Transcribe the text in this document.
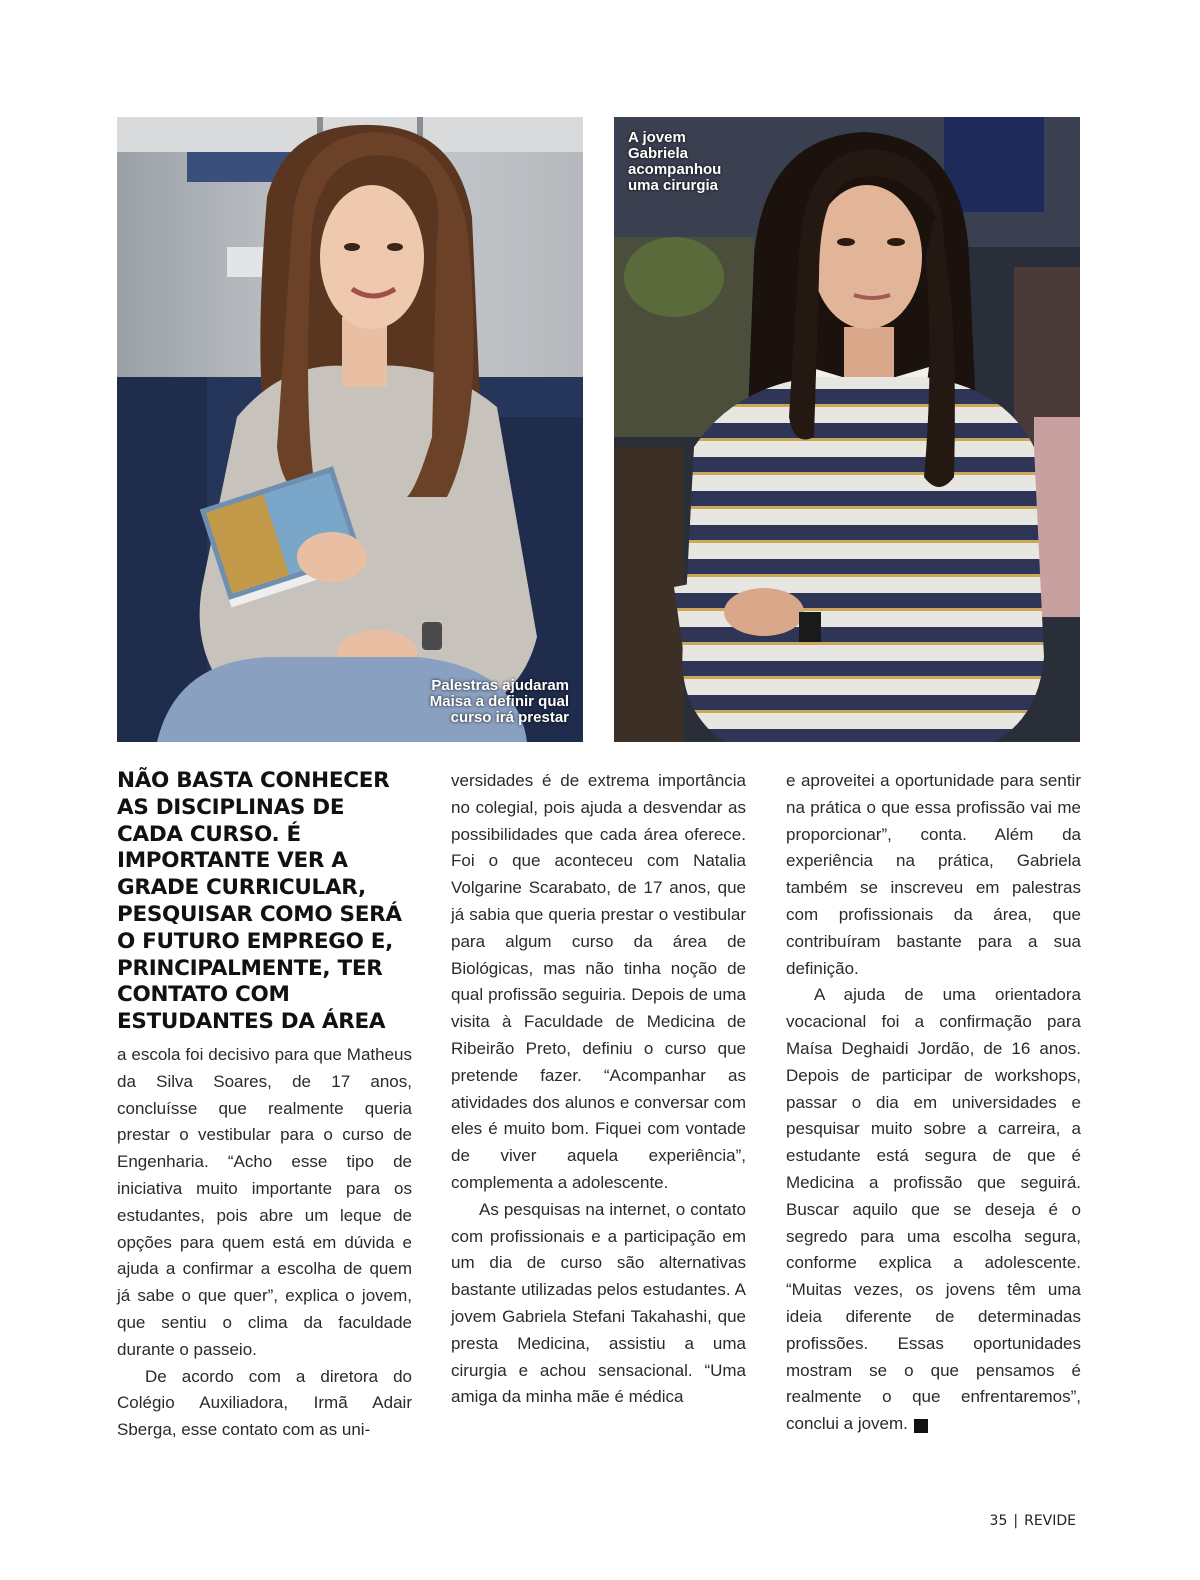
Palestras ajudaram Maisa a definir qual curso irá prestar
A jovem Gabriela acompanhou uma cirurgia
NÃO BASTA CONHECER AS DISCIPLINAS DE CADA CURSO. É IMPORTANTE VER A GRADE CURRICULAR, PESQUISAR COMO SERÁ O FUTURO EMPREGO E, PRINCIPALMENTE, TER CONTATO COM ESTUDANTES DA ÁREA

a escola foi decisivo para que Matheus da Silva Soares, de 17 anos, concluísse que realmente queria prestar o vestibular para o curso de Engenharia. “Acho esse tipo de iniciativa muito importante para os estudantes, pois abre um leque de opções para quem está em dúvida e ajuda a confirmar a escolha de quem já sabe o que quer”, explica o jovem, que sentiu o clima da faculdade durante o passeio.

De acordo com a diretora do Colégio Auxiliadora, Irmã Adair Sberga, esse contato com as uni-

versidades é de extrema importância no colegial, pois ajuda a desvendar as possibilidades que cada área oferece. Foi o que aconteceu com Natalia Volgarine Scarabato, de 17 anos, que já sabia que queria prestar o vestibular para algum curso da área de Biológicas, mas não tinha noção de qual profissão seguiria. Depois de uma visita à Faculdade de Medicina de Ribeirão Preto, definiu o curso que pretende fazer. “Acompanhar as atividades dos alunos e conversar com eles é muito bom. Fiquei com vontade de viver aquela experiência”, complementa a adolescente.

As pesquisas na internet, o contato com profissionais e a participação em um dia de curso são alternativas bastante utilizadas pelos estudantes. A jovem Gabriela Stefani Takahashi, que presta Medicina, assistiu a uma cirurgia e achou sensacional. “Uma amiga da minha mãe é médica

e aproveitei a oportunidade para sentir na prática o que essa profissão vai me proporcionar”, conta. Além da experiência na prática, Gabriela também se inscreveu em palestras com profissionais da área, que contribuíram bastante para a sua definição.

A ajuda de uma orientadora vocacional foi a confirmação para Maísa Deghaidi Jordão, de 16 anos. Depois de participar de workshops, passar o dia em universidades e pesquisar muito sobre a carreira, a estudante está segura de que é Medicina a profissão que seguirá. Buscar aquilo que se deseja é o segredo para uma escolha segura, conforme explica a adolescente. “Muitas vezes, os jovens têm uma ideia diferente de determinadas profissões. Essas oportunidades mostram se o que pensamos é realmente o que enfrentaremos”, conclui a jovem.	r

35 | REVIDE
